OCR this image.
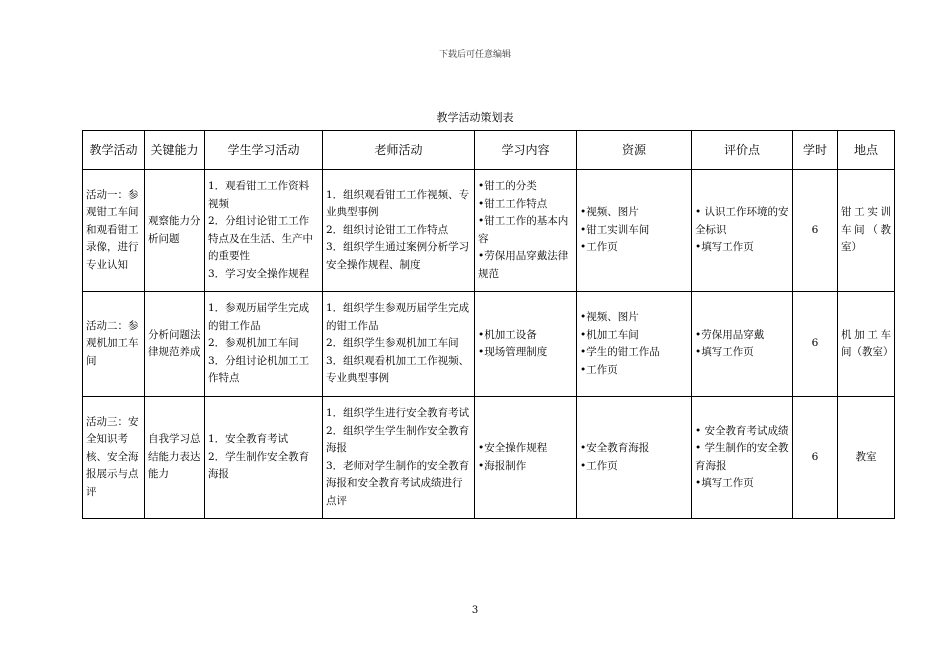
下载后可任意编辑
教学活动策划表
教学活动	关键能力	学生学习活动	老师活动	学习内容	资源	评价点	学时	地点
活动一：参观钳工车间和观看钳工录像，进行专业认知	观察能力分析问题	1．观看钳工工作资料视频
2．分组讨论钳工工作特点及在生活、生产中的重要性
3．学习安全操作规程	1．组织观看钳工工作视频、专业典型事例
2．组织讨论钳工工作特点
3．组织学生通过案例分析学习安全操作规程、制度	•钳工的分类
•钳工工作特点
•钳工工作的基本内容
•劳保用品穿戴法律规范	•视频、图片
•钳工实训车间
•工作页	• 认识工作环境的安全标识
•填写工作页	6	钳工实训车间（教室）
活动二：参观机加工车间	分析问题法律规范养成	1．参观历届学生完成的钳工作品
2．参观机加工车间
3．分组讨论机加工工作特点	1．组织学生参观历届学生完成的钳工作品
2．组织学生参观机加工车间
3．组织观看机加工工作视频、专业典型事例	•机加工设备
•现场管理制度	•视频、图片
•机加工车间
•学生的钳工作品
•工作页	•劳保用品穿戴
•填写工作页	6	机加工车间（教室）
活动三：安全知识考核、安全海报展示与点评	自我学习总结能力表达能力	1．安全教育考试
2．学生制作安全教育海报	1．组织学生进行安全教育考试
2．组织学生学生制作安全教育海报
3．老师对学生制作的安全教育海报和安全教育考试成绩进行点评	•安全操作规程
•海报制作	•安全教育海报
•工作页	• 安全教育考试成绩
• 学生制作的安全教育海报
•填写工作页	6	教室
3
